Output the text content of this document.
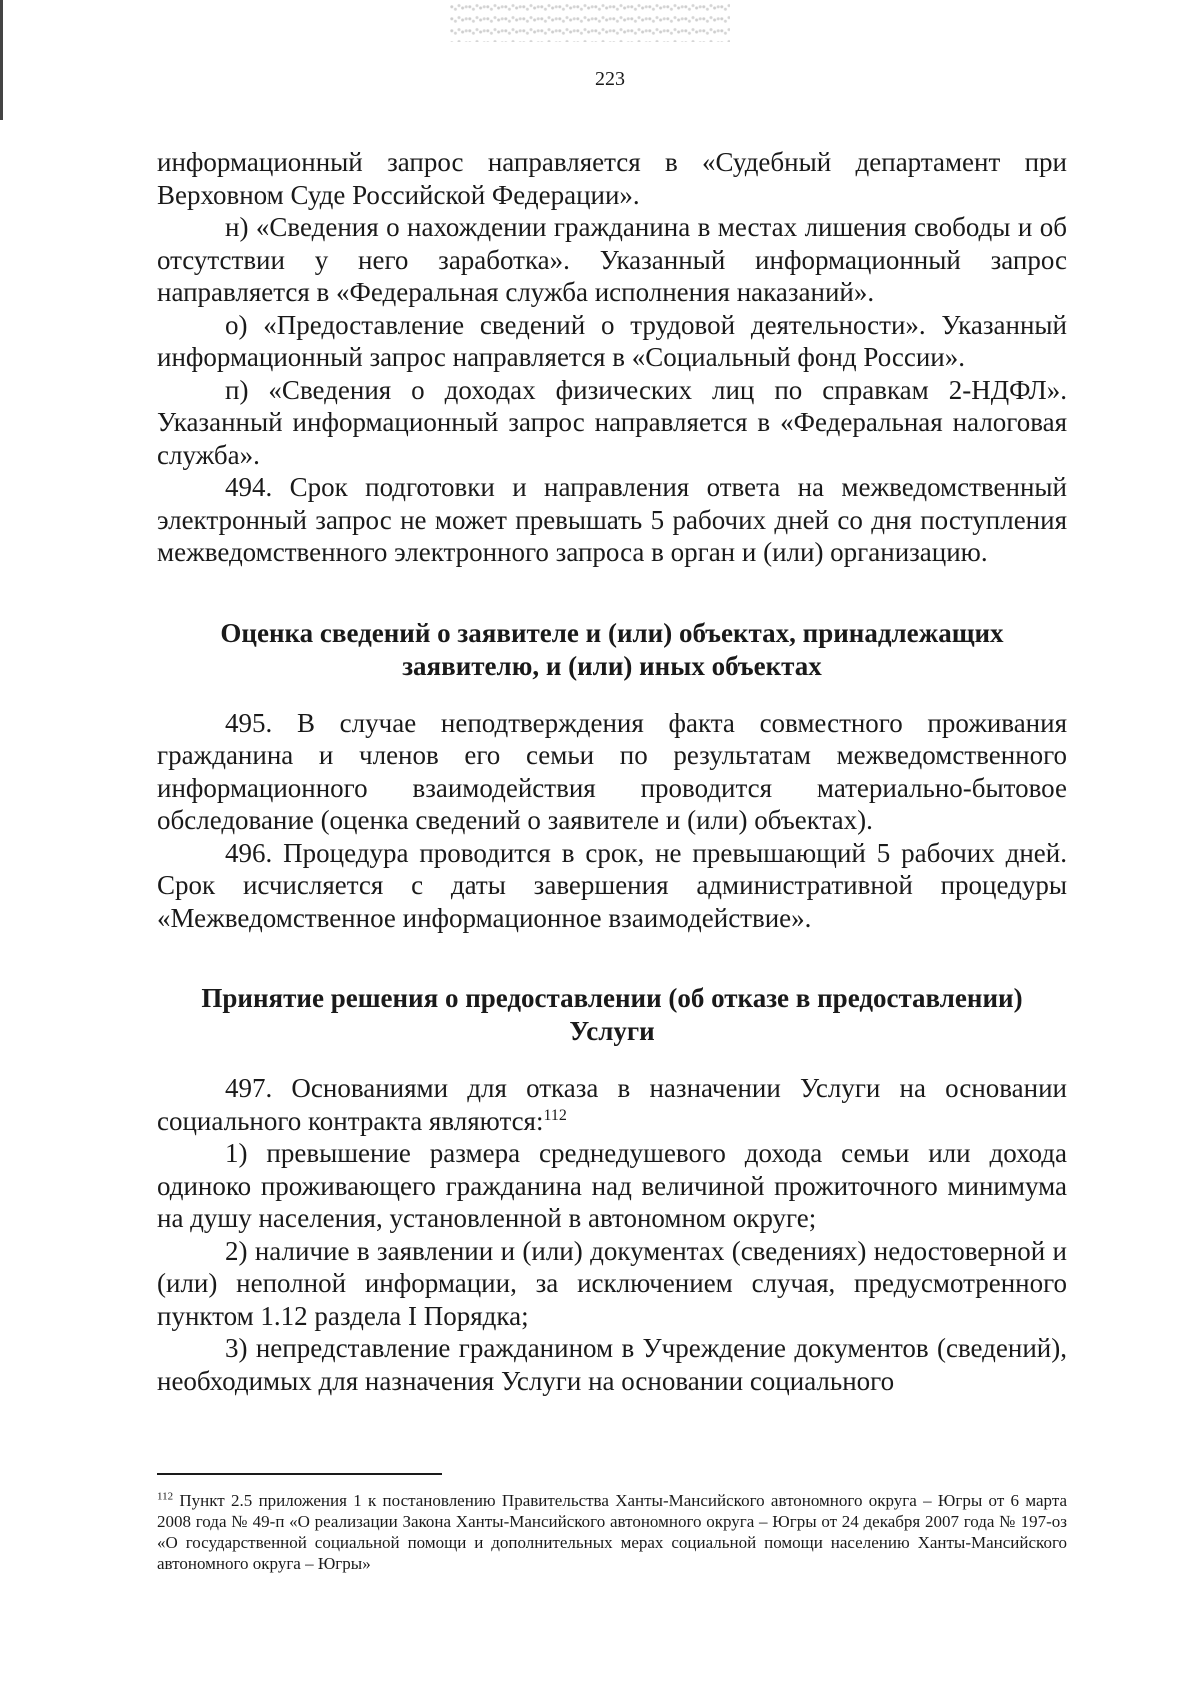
223

информационный запрос направляется в «Судебный департамент при Верховном Суде Российской Федерации».

н) «Сведения о нахождении гражданина в местах лишения свободы и об отсутствии у него заработка». Указанный информационный запрос направляется в «Федеральная служба исполнения наказаний».

о) «Предоставление сведений о трудовой деятельности». Указанный информационный запрос направляется в «Социальный фонд России».

п) «Сведения о доходах физических лиц по справкам 2-НДФЛ». Указанный информационный запрос направляется в «Федеральная налоговая служба».

494. Срок подготовки и направления ответа на межведомственный электронный запрос не может превышать 5 рабочих дней со дня поступления межведомственного электронного запроса в орган и (или) организацию.

Оценка сведений о заявителе и (или) объектах, принадлежащих заявителю, и (или) иных объектах

495. В случае неподтверждения факта совместного проживания гражданина и членов его семьи по результатам межведомственного информационного взаимодействия проводится материально-бытовое обследование (оценка сведений о заявителе и (или) объектах).

496. Процедура проводится в срок, не превышающий 5 рабочих дней. Срок исчисляется с даты завершения административной процедуры «Межведомственное информационное взаимодействие».

Принятие решения о предоставлении (об отказе в предоставлении) Услуги

497. Основаниями для отказа в назначении Услуги на основании социального контракта являются:$^{112}$

1) превышение размера среднедушевого дохода семьи или дохода одиноко проживающего гражданина над величиной прожиточного минимума на душу населения, установленной в автономном округе;

2) наличие в заявлении и (или) документах (сведениях) недостоверной и (или) неполной информации, за исключением случая, предусмотренного пунктом 1.12 раздела I Порядка;

3) непредставление гражданином в Учреждение документов (сведений), необходимых для назначения Услуги на основании социального

$^{112}$ Пункт 2.5 приложения 1 к постановлению Правительства Ханты-Мансийского автономного округа – Югры от 6 марта 2008 года № 49-п «О реализации Закона Ханты-Мансийского автономного округа – Югры от 24 декабря 2007 года № 197-оз «О государственной социальной помощи и дополнительных мерах социальной помощи населению Ханты-Мансийского автономного округа – Югры»
